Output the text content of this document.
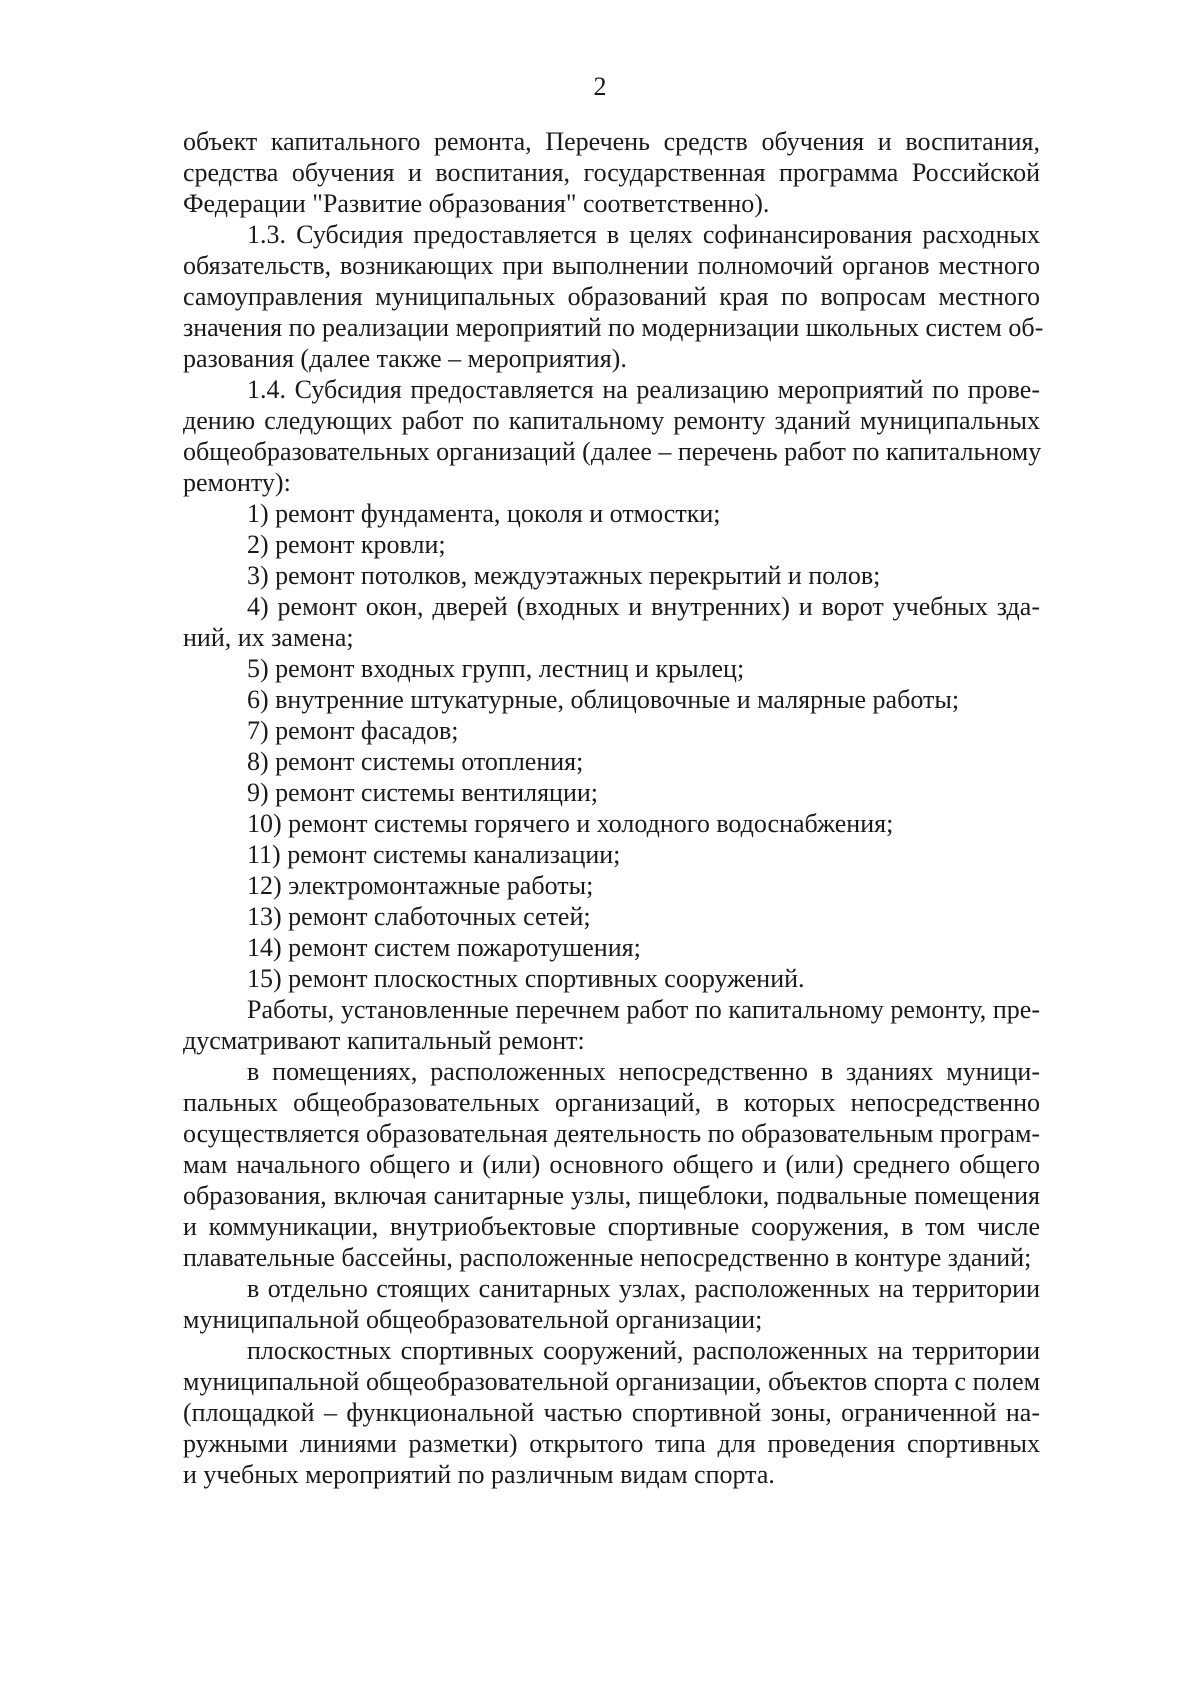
2

объект капитального ремонта, Перечень средств обучения и воспитания,
средства обучения и воспитания, государственная программа Российской
Федерации "Развитие образования" соответственно).

1.3. Субсидия предоставляется в целях софинансирования расходных
обязательств, возникающих при выполнении полномочий органов местного
самоуправления муниципальных образований края по вопросам местного
значения по реализации мероприятий по модернизации школьных систем об-
разования (далее также – мероприятия).

1.4. Субсидия предоставляется на реализацию мероприятий по прове-
дению следующих работ по капитальному ремонту зданий муниципальных
общеобразовательных организаций (далее – перечень работ по капитальному
ремонту):

1) ремонт фундамента, цоколя и отмостки;

2) ремонт кровли;

3) ремонт потолков, междуэтажных перекрытий и полов;

4) ремонт окон, дверей (входных и внутренних) и ворот учебных зда-
ний, их замена;

5) ремонт входных групп, лестниц и крылец;

6) внутренние штукатурные, облицовочные и малярные работы;

7) ремонт фасадов;

8) ремонт системы отопления;

9) ремонт системы вентиляции;

10) ремонт системы горячего и холодного водоснабжения;

11) ремонт системы канализации;

12) электромонтажные работы;

13) ремонт слаботочных сетей;

14) ремонт систем пожаротушения;

15) ремонт плоскостных спортивных сооружений.

Работы, установленные перечнем работ по капитальному ремонту, пре-
дусматривают капитальный ремонт:

в помещениях, расположенных непосредственно в зданиях муници-
пальных общеобразовательных организаций, в которых непосредственно
осуществляется образовательная деятельность по образовательным програм-
мам начального общего и (или) основного общего и (или) среднего общего
образования, включая санитарные узлы, пищеблоки, подвальные помещения
и коммуникации, внутриобъектовые спортивные сооружения, в том числе
плавательные бассейны, расположенные непосредственно в контуре зданий;

в отдельно стоящих санитарных узлах, расположенных на территории
муниципальной общеобразовательной организации;

плоскостных спортивных сооружений, расположенных на территории
муниципальной общеобразовательной организации, объектов спорта с полем
(площадкой – функциональной частью спортивной зоны, ограниченной на-
ружными линиями разметки) открытого типа для проведения спортивных
и учебных мероприятий по различным видам спорта.
